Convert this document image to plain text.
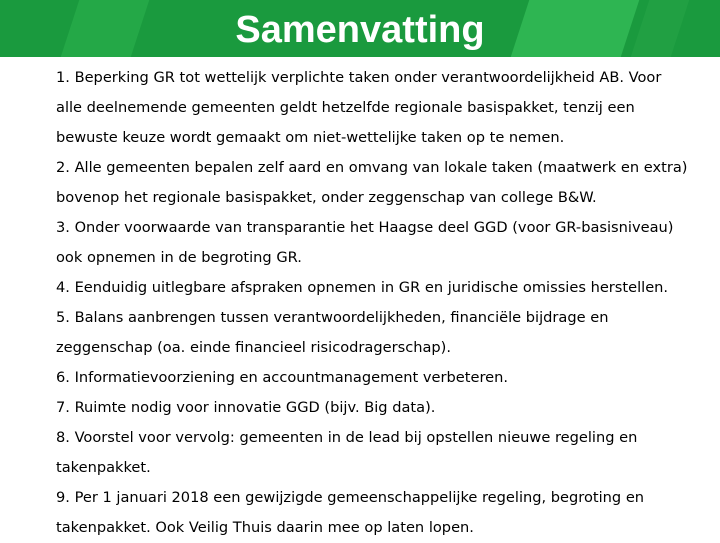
Samenvatting
1. Beperking GR tot wettelijk verplichte taken onder verantwoordelijkheid AB. Voor
alle deelnemende gemeenten geldt hetzelfde regionale basispakket, tenzij een
bewuste keuze wordt gemaakt om niet-wettelijke taken op te nemen.
2. Alle gemeenten bepalen zelf aard en omvang van lokale taken (maatwerk en extra)
bovenop het regionale basispakket, onder zeggenschap van college B&W.
3. Onder voorwaarde van transparantie het Haagse deel GGD (voor GR-basisniveau)
ook opnemen in de begroting GR.
4. Eenduidig uitlegbare afspraken opnemen in GR en juridische omissies herstellen.
5. Balans aanbrengen tussen verantwoordelijkheden, financiële bijdrage en
zeggenschap (oa. einde financieel risicodragerschap).
6. Informatievoorziening en accountmanagement verbeteren.
7. Ruimte nodig voor innovatie GGD (bijv. Big data).
8. Voorstel voor vervolg: gemeenten in de lead bij opstellen nieuwe regeling en
takenpakket.
9. Per 1 januari 2018 een gewijzigde gemeenschappelijke regeling, begroting en
takenpakket. Ook Veilig Thuis daarin mee op laten lopen.
